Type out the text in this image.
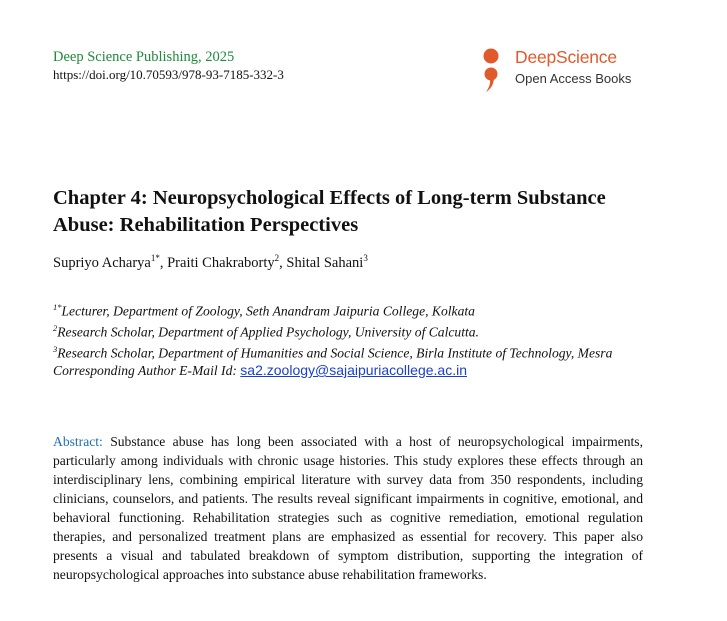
Deep Science Publishing, 2025
https://doi.org/10.70593/978-93-7185-332-3
DeepScience
Open Access Books
Chapter 4: Neuropsychological Effects of Long-term Substance Abuse: Rehabilitation Perspectives
Supriyo Acharya$^{1*}$, Praiti Chakraborty$^2$, Shital Sahani$^3$
$^{1*}$Lecturer, Department of Zoology, Seth Anandram Jaipuria College, Kolkata
$^2$Research Scholar, Department of Applied Psychology, University of Calcutta.
$^3$Research Scholar, Department of Humanities and Social Science, Birla Institute of Technology, Mesra
Corresponding Author E-Mail Id: sa2.zoology@sajaipuriacollege.ac.in
Abstract: Substance abuse has long been associated with a host of neuropsychological impairments, particularly among individuals with chronic usage histories. This study explores these effects through an interdisciplinary lens, combining empirical literature with survey data from 350 respondents, including clinicians, counselors, and patients. The results reveal significant impairments in cognitive, emotional, and behavioral functioning. Rehabilitation strategies such as cognitive remediation, emotional regulation therapies, and personalized treatment plans are emphasized as essential for recovery. This paper also presents a visual and tabulated breakdown of symptom distribution, supporting the integration of neuropsychological approaches into substance abuse rehabilitation frameworks.
